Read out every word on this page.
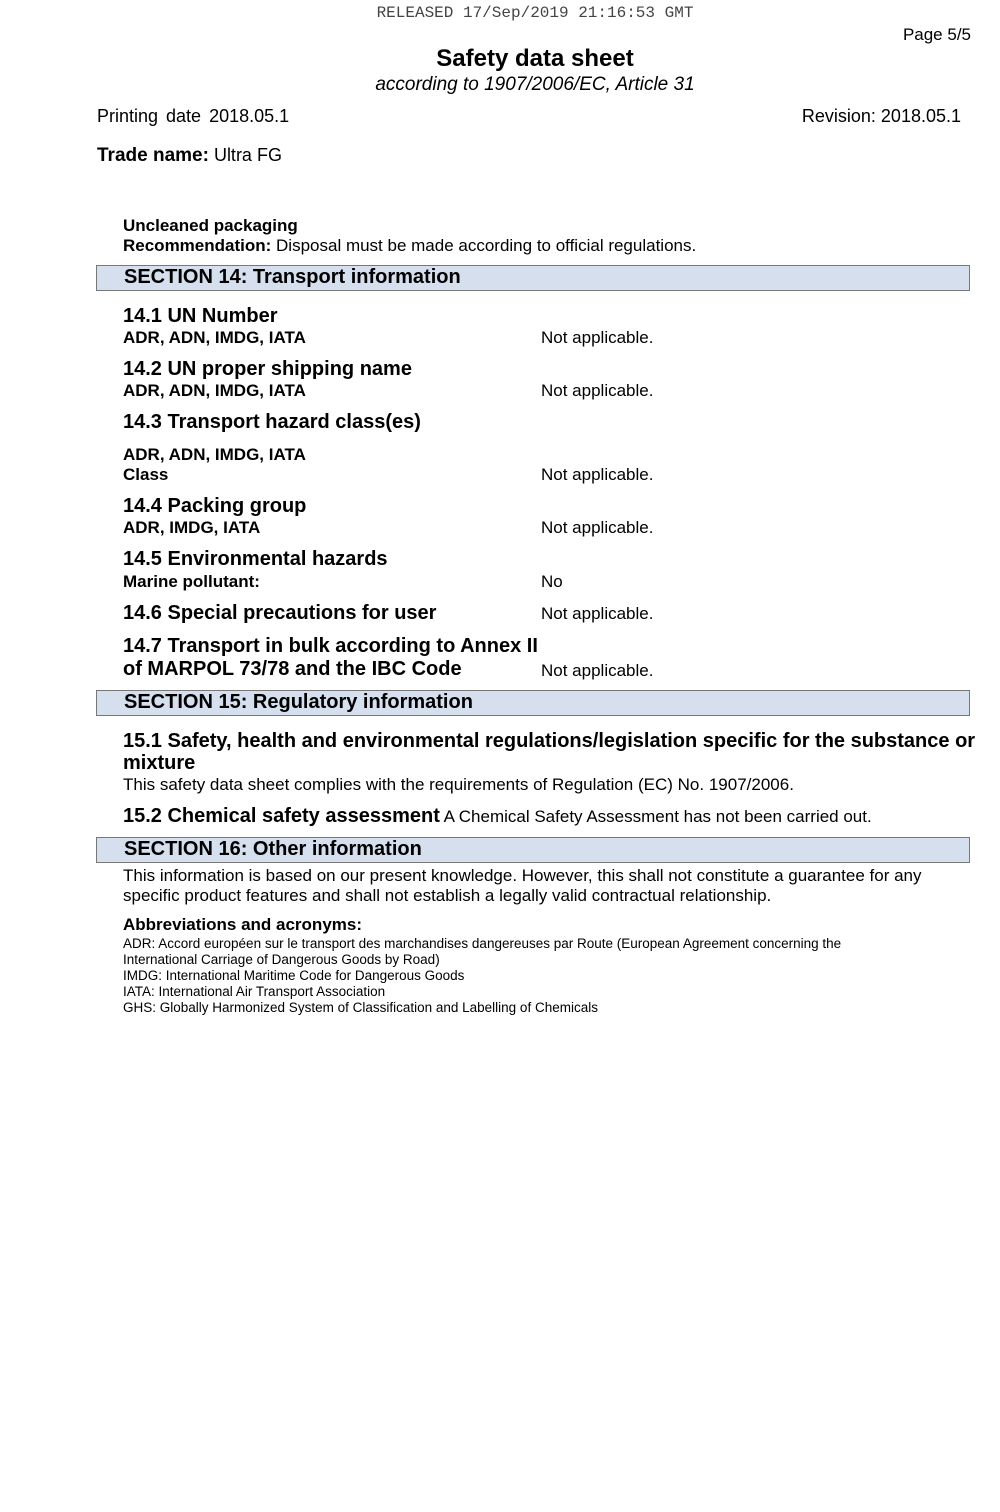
RELEASED 17/Sep/2019 21:16:53 GMT
Page 5/5
Safety data sheet
according to 1907/2006/EC, Article 31
Printing date 2018.05.1	Revision: 2018.05.1
Trade name: Ultra FG
Uncleaned packaging
Recommendation: Disposal must be made according to official regulations.
SECTION 14: Transport information
14.1 UN Number
ADR, ADN, IMDG, IATA	Not applicable.
14.2 UN proper shipping name
ADR, ADN, IMDG, IATA	Not applicable.
14.3 Transport hazard class(es)
ADR, ADN, IMDG, IATA
Class	Not applicable.
14.4 Packing group
ADR, IMDG, IATA	Not applicable.
14.5 Environmental hazards
Marine pollutant:	No
14.6 Special precautions for user	Not applicable.
14.7 Transport in bulk according to Annex II
of MARPOL 73/78 and the IBC Code	Not applicable.
SECTION 15: Regulatory information
15.1 Safety, health and environmental regulations/legislation specific for the substance or
mixture
This safety data sheet complies with the requirements of Regulation (EC) No. 1907/2006.
15.2 Chemical safety assessment A Chemical Safety Assessment has not been carried out.
SECTION 16: Other information
This information is based on our present knowledge. However, this shall not constitute a guarantee for any specific product features and shall not establish a legally valid contractual relationship.
Abbreviations and acronyms:
ADR: Accord européen sur le transport des marchandises dangereuses par Route (European Agreement concerning the
International Carriage of Dangerous Goods by Road)
IMDG: International Maritime Code for Dangerous Goods
IATA: International Air Transport Association
GHS: Globally Harmonized System of Classification and Labelling of Chemicals
